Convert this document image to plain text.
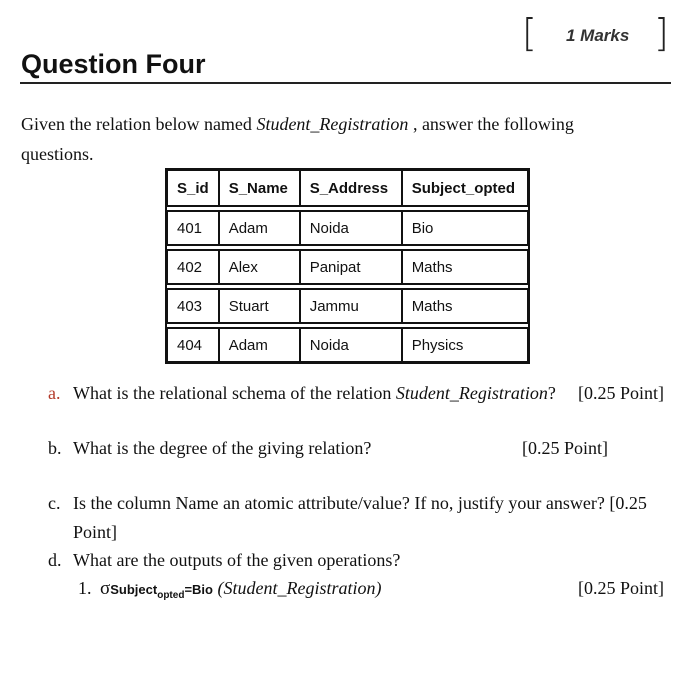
[ 1 Marks ]
Question Four
Given the relation below named Student_Registration , answer the following
questions.
S_id	S_Name	S_Address	Subject_opted

401	Adam	Noida	Bio

402	Alex	Panipat	Maths

403	Stuart	Jammu	Maths

404	Adam	Noida	Physics
a. What is the relational schema of the relation Student_Registration? [0.25 Point]
b. What is the degree of the giving relation?	[0.25 Point]
c. Is the column Name an atomic attribute/value? If no, justify your answer? [0.25
Point]
d. What are the outputs of the given operations?
1. σSubject$_{opted}$=Bio (Student_Registration)	[0.25 Point]
